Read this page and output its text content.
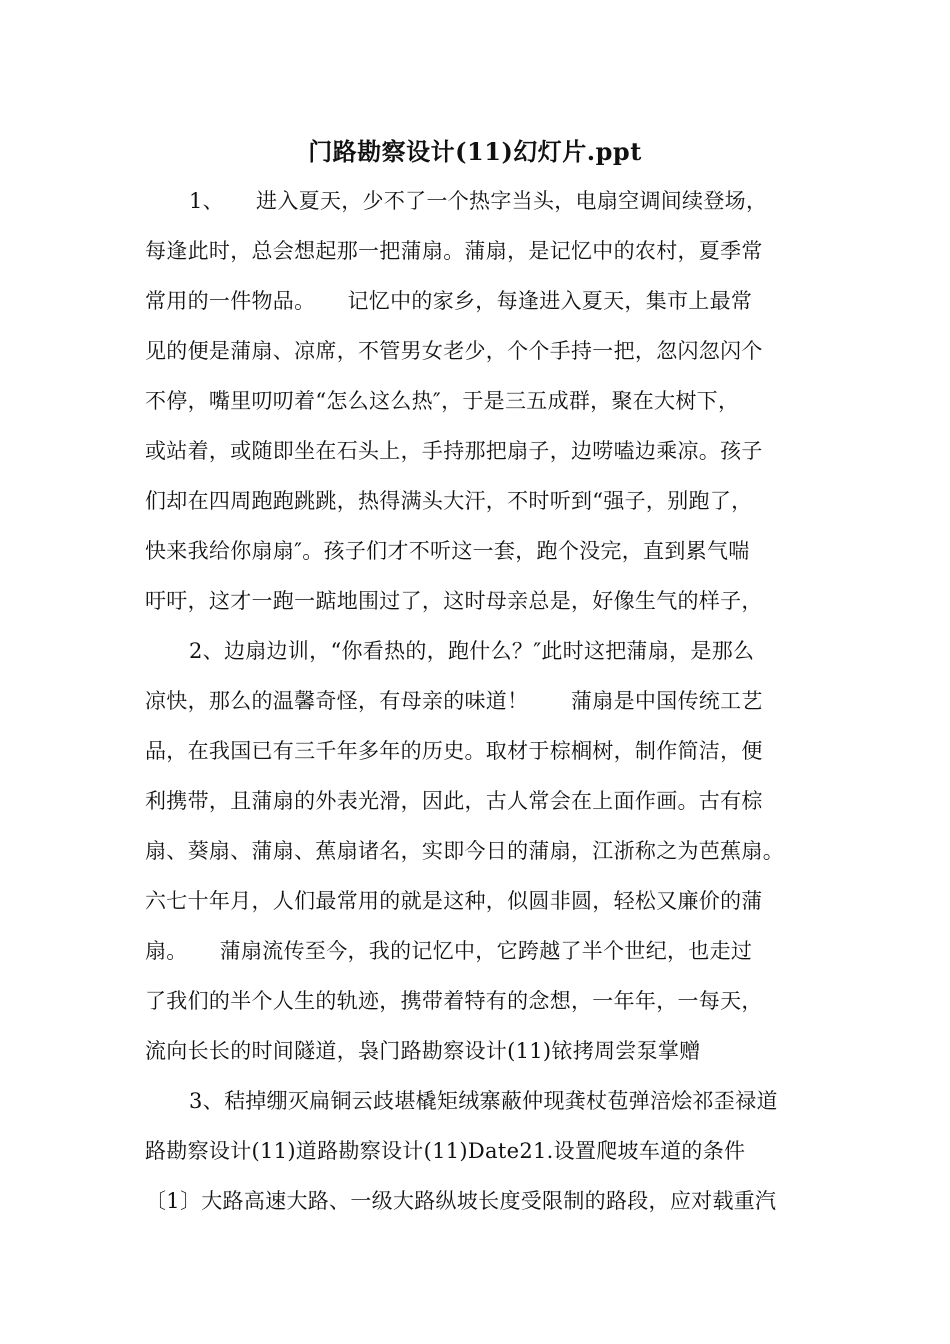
门路勘察设计(11)幻灯片.ppt
1、　　进入夏天，少不了一个热字当头，电扇空调间续登场，
每逢此时，总会想起那一把蒲扇。蒲扇，是记忆中的农村，夏季常
常用的一件物品。　　记忆中的家乡，每逢进入夏天，集市上最常
见的便是蒲扇、凉席，不管男女老少，个个手持一把，忽闪忽闪个
不停，嘴里叨叨着“怎么这么热″，于是三五成群，聚在大树下，
或站着，或随即坐在石头上，手持那把扇子，边唠嗑边乘凉。孩子
们却在四周跑跑跳跳，热得满头大汗，不时听到“强子，别跑了，
快来我给你扇扇″。孩子们才不听这一套，跑个没完，直到累气喘
吁吁，这才一跑一踮地围过了，这时母亲总是，好像生气的样子，
2、边扇边训，“你看热的，跑什么？″此时这把蒲扇，是那么
凉快，那么的温馨奇怪，有母亲的味道！　　蒲扇是中国传统工艺
品，在我国已有三千年多年的历史。取材于棕榈树，制作简洁，便
利携带，且蒲扇的外表光滑，因此，古人常会在上面作画。古有棕
扇、葵扇、蒲扇、蕉扇诸名，实即今日的蒲扇，江浙称之为芭蕉扇。
六七十年月，人们最常用的就是这种，似圆非圆，轻松又廉价的蒲
扇。　　蒲扇流传至今，我的记忆中，它跨越了半个世纪，也走过
了我们的半个人生的轨迹，携带着特有的念想，一年年，一每天，
流向长长的时间隧道，袅门路勘察设计(11)铱拷周尝泵掌赠
3、秸掉绷灭扁铜云歧堪橇矩绒寨蔽仲现龚杖苞弹涪烩祁歪禄道
路勘察设计(11)道路勘察设计(11)Date21.设置爬坡车道的条件
〔1〕大路高速大路、一级大路纵坡长度受限制的路段，应对载重汽
